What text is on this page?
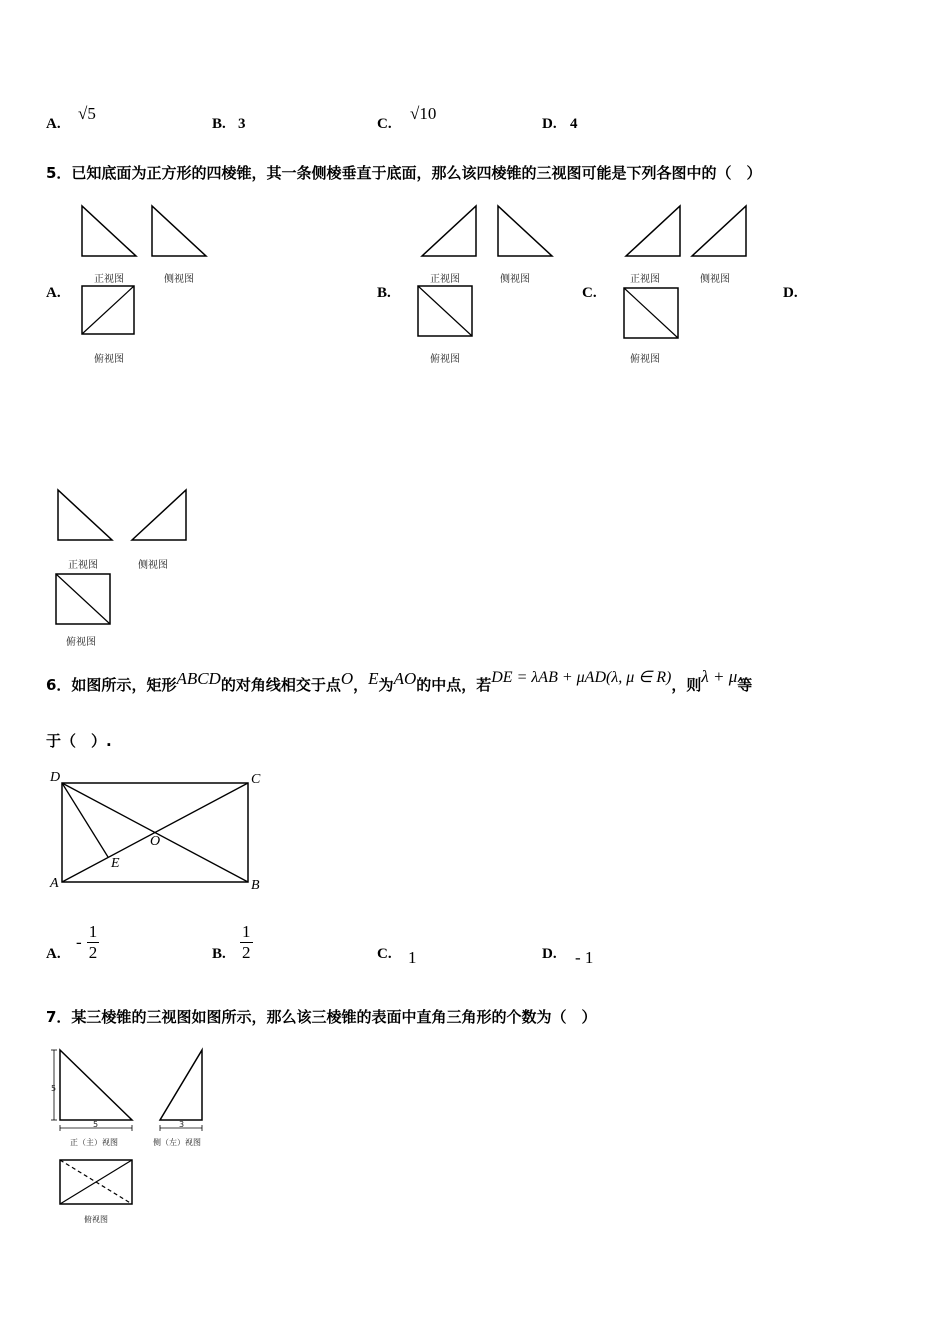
A.
√5
B. 3	C.
√10
D. 4
5．已知底面为正方形的四棱锥，其一条侧棱垂直于底面，那么该四棱锥的三视图可能是下列各图中的（　）
正视图	侧视图
俯视图
A.
正视图	侧视图
俯视图
B.
正视图	侧视图
俯视图
C.	D.
正视图	侧视图
俯视图
6．如图所示，矩形ABCD的对角线相交于点O，E为AO的中点，若DE = λAB + μAD(λ, μ ∈ R)，则λ + μ等
于（　）.
D	C
A	B
O
E
A.
- $\frac{1}{2}$	B. $\frac{1}{2}$	C. 1	D. - 1
7．某三棱锥的三视图如图所示，那么该三棱锥的表面中直角三角形的个数为（　）
5
5	3
正（主）视图	侧（左）视图
俯视图
